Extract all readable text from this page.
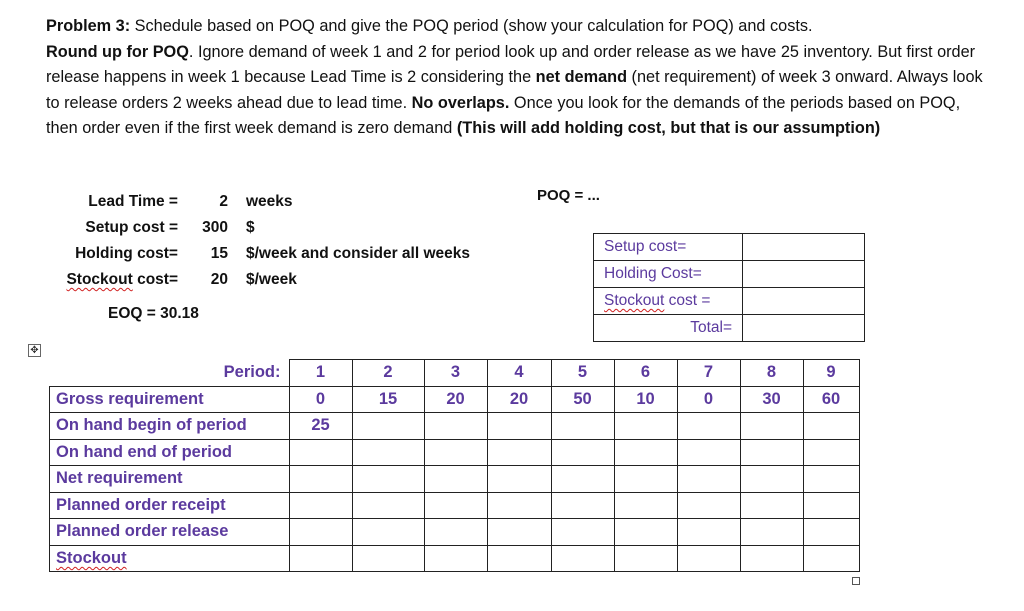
Problem 3: Schedule based on POQ and give the POQ period (show your calculation for POQ) and costs.
Round up for POQ. Ignore demand of week 1 and 2 for period look up and order release as we have 25 inventory. But first order release happens in week 1 because Lead Time is 2 considering the net demand (net requirement) of week 3 onward. Always look to release orders 2 weeks ahead due to lead time. No overlaps. Once you look for the demands of the periods based on POQ, then order even if the first week demand is zero demand (This will add holding cost, but that is our assumption)
Lead Time =	2 weeks
Setup cost = 300 $
Holding cost=	15 $/week and consider all weeks
Stockout cost=	20 $/week
EOQ = 30.18
POQ = ...
Setup cost=	
Holding Cost=	
Stockout cost =	
Total=	
✥
Period:	1	2	3	4	5	6	7	8	9
Gross requirement	0	15	20	20	50	10	0	30	60
On hand begin of period	25								
On hand end of period									
Net requirement									
Planned order receipt									
Planned order release									
Stockout									
